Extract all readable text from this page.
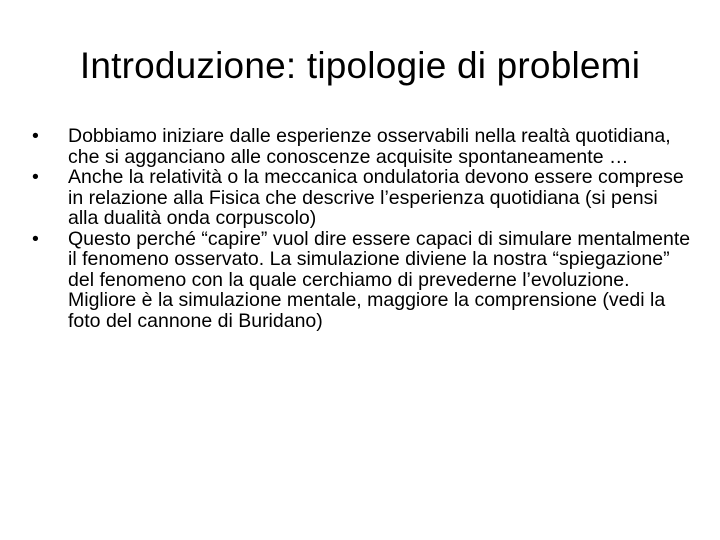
Introduzione: tipologie di problemi
•	Dobbiamo iniziare dalle esperienze osservabili nella realtà quotidiana, che si agganciano alle conoscenze acquisite spontaneamente …
•	Anche la relatività o la meccanica ondulatoria devono essere comprese in relazione alla Fisica che descrive l’esperienza quotidiana (si pensi alla dualità onda corpuscolo)
•	Questo perché “capire” vuol dire essere capaci di simulare mentalmente il fenomeno osservato. La simulazione diviene la nostra “spiegazione” del fenomeno con la quale cerchiamo di prevederne l’evoluzione. Migliore è la simulazione mentale, maggiore la comprensione (vedi la foto del cannone di Buridano)
